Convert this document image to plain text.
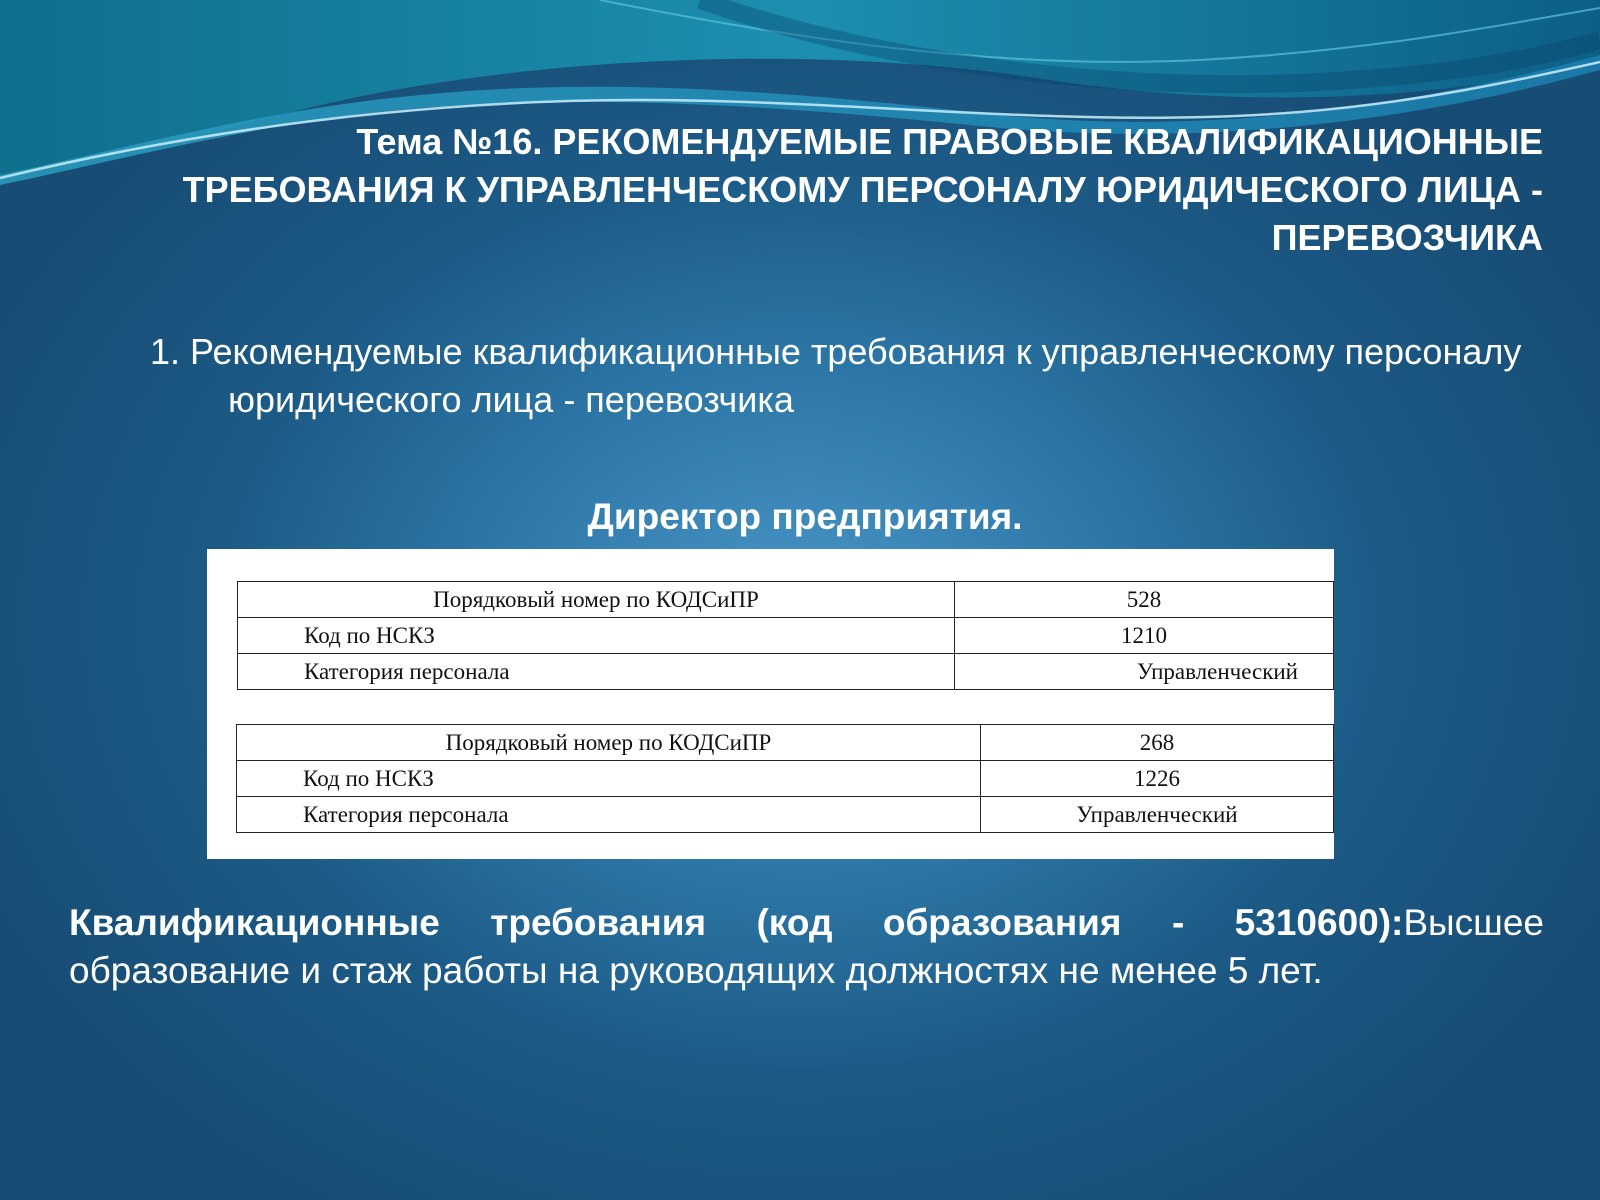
Тема №16. РЕКОМЕНДУЕМЫЕ ПРАВОВЫЕ КВАЛИФИКАЦИОННЫЕ ТРЕБОВАНИЯ К УПРАВЛЕНЧЕСКОМУ ПЕРСОНАЛУ ЮРИДИЧЕСКОГО ЛИЦА - ПЕРЕВОЗЧИКА
1. Рекомендуемые квалификационные требования к управленческому персоналу юридического лица - перевозчика
Директор предприятия.
Порядковый номер по КОДСиПР	528
Код по НСКЗ	1210
Категория персонала	Управленческий
Порядковый номер по КОДСиПР	268
Код по НСКЗ	1226
Категория персонала	Управленческий
Квалификационные требования (код образования - 5310600):Высшее образование и стаж работы на руководящих должностях не менее 5 лет.
